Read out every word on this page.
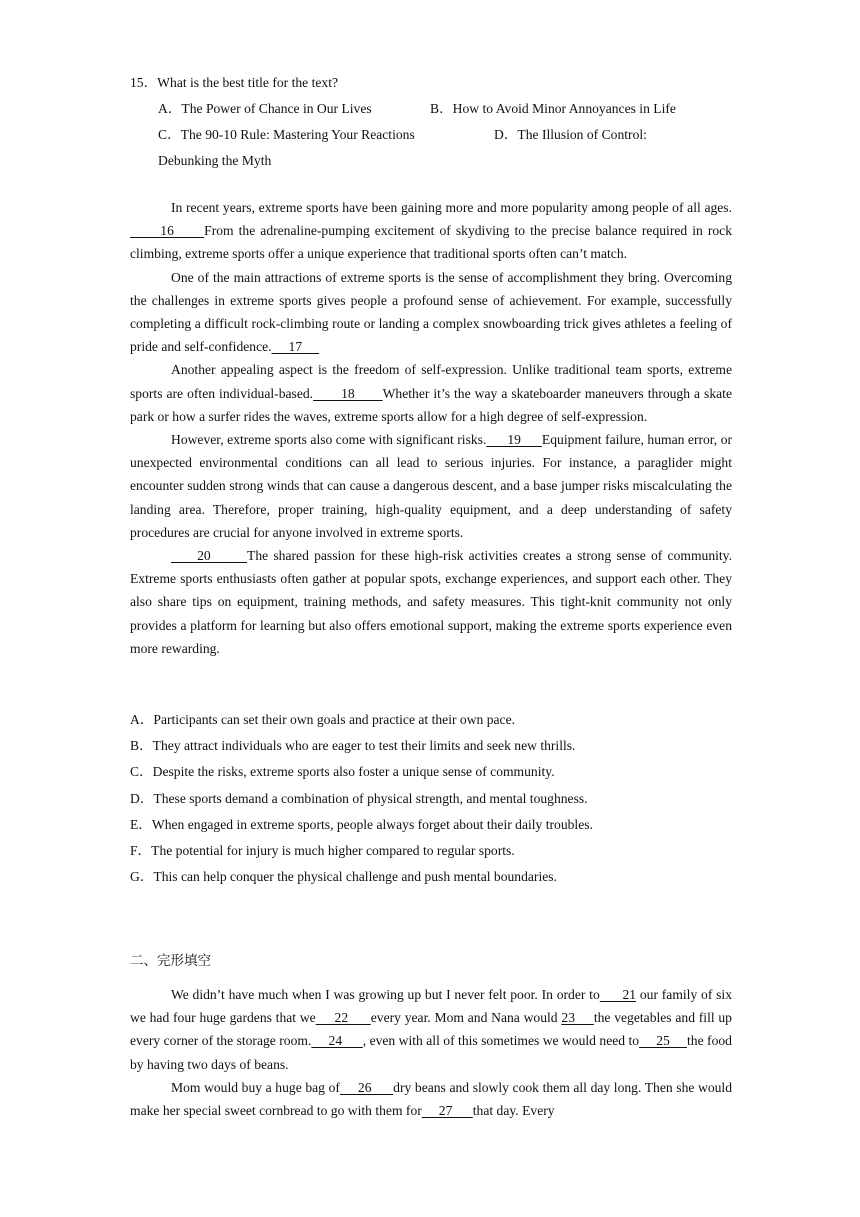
15．What is the best title for the text?
A．The Power of Chance in Our Lives	B．How to Avoid Minor Annoyances in Life
C．The 90-10 Rule: Mastering Your Reactions	D．The Illusion of Control:
Debunking the Myth

In recent years, extreme sports have been gaining more and more popularity among people of all ages.      16      From the adrenaline-pumping excitement of skydiving to the precise balance required in rock climbing, extreme sports offer a unique experience that traditional sports often can’t match.

One of the main attractions of extreme sports is the sense of accomplishment they bring. Overcoming the challenges in extreme sports gives people a profound sense of achievement. For example, successfully completing a difficult rock-climbing route or landing a complex snowboarding trick gives athletes a feeling of pride and self-confidence.     17

Another appealing aspect is the freedom of self-expression. Unlike traditional team sports, extreme sports are often individual-based.       18       Whether it’s the way a skateboarder maneuvers through a skate park or how a surfer rides the waves, extreme sports allow for a high degree of self-expression.

However, extreme sports also come with significant risks.      19      Equipment failure, human error, or unexpected environmental conditions can all lead to serious injuries. For instance, a paraglider might encounter sudden strong winds that can cause a dangerous descent, and a base jumper risks miscalculating the landing area. Therefore, proper training, high-quality equipment, and a deep understanding of safety procedures are crucial for anyone involved in extreme sports.

20       The shared passion for these high-risk activities creates a strong sense of community. Extreme sports enthusiasts often gather at popular spots, exchange experiences, and support each other. They also share tips on equipment, training methods, and safety measures. This tight-knit community not only provides a platform for learning but also offers emotional support, making the extreme sports experience even more rewarding.

A．Participants can set their own goals and practice at their own pace.
B．They attract individuals who are eager to test their limits and seek new thrills.
C．Despite the risks, extreme sports also foster a unique sense of community.
D．These sports demand a combination of physical strength, and mental toughness.
E．When engaged in extreme sports, people always forget about their daily troubles.
F．The potential for injury is much higher compared to regular sports.
G．This can help conquer the physical challenge and push mental boundaries.
二、完形填空

We didn’t have much when I was growing up but I never felt poor. In order to      21 our family of six we had four huge gardens that we     22      every year. Mom and Nana would 23     the vegetables and fill up every corner of the storage room.     24      , even with all of this sometimes we would need to     25     the food by having two days of beans.

Mom would buy a huge bag of     26      dry beans and slowly cook them all day long. Then she would make her special sweet cornbread to go with them for     27      that day. Every
